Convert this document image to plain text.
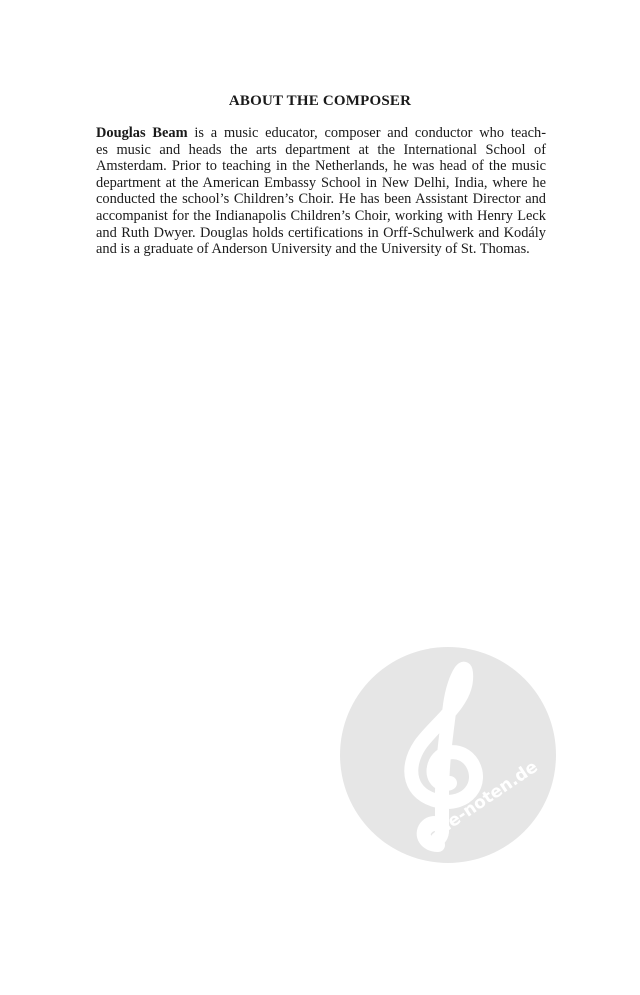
ABOUT THE COMPOSER
Douglas Beam is a music educator, composer and conductor who teach-
es music and heads the arts department at the International School of
Amsterdam. Prior to teaching in the Netherlands, he was head of the music
department at the American Embassy School in New Delhi, India, where he
conducted the school’s Children’s Choir. He has been Assistant Director and
accompanist for the Indianapolis Children’s Choir, working with Henry Leck
and Ruth Dwyer. Douglas holds certifications in Orff-Schulwerk and Kodály
and is a graduate of Anderson University and the University of St. Thomas.
alle-noten.de
